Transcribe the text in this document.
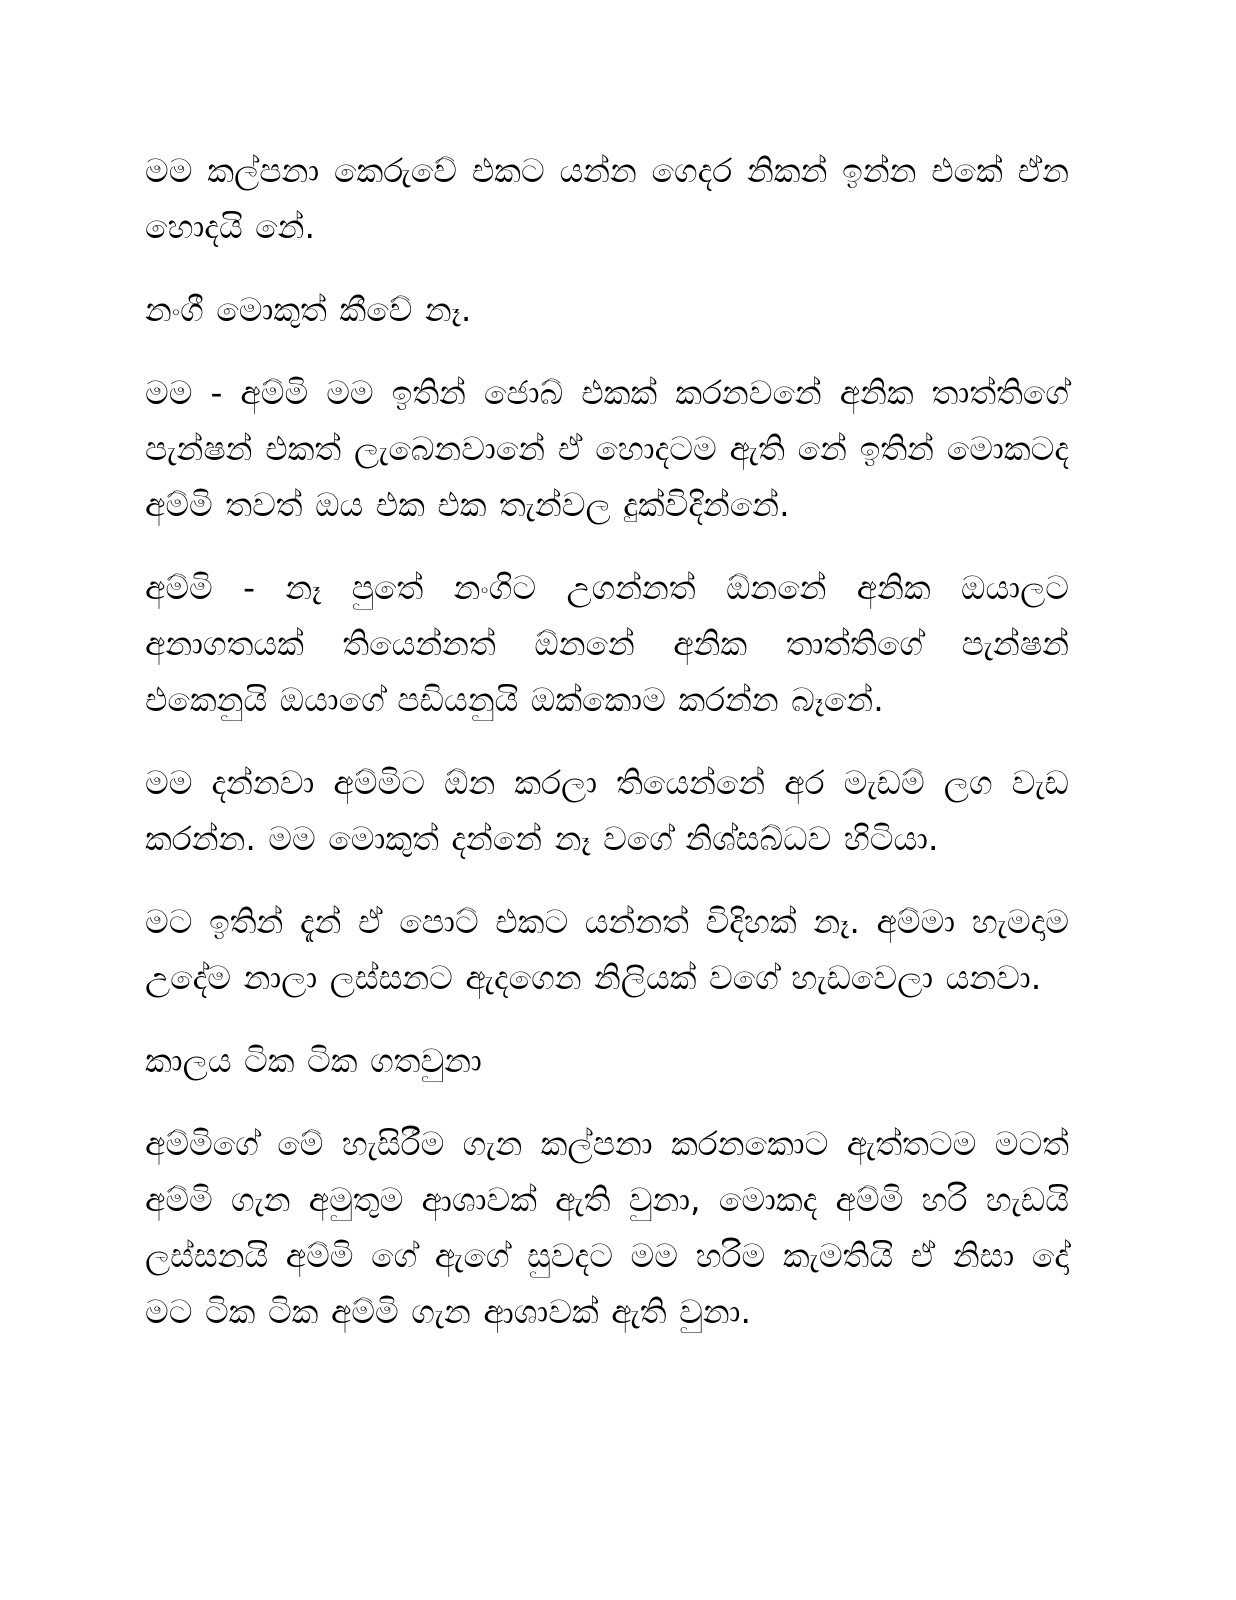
මම කල්පනා කෙරුවේ එකට යන්න ගෙදර නිකන් ඉන්න එකේ ඒන හොදයි නේ.

නංගී මොකුත් කීවේ නෑ.

මම - අම්මි මම ඉතින් ජොබ් එකක් කරනවනේ අනික තාත්තිගේ පැන්ෂන් එකත් ලැබෙනවානේ ඒ හොදටම ඇති නේ ඉතින් මොකටද අම්මි තවත් ඔය එක එක තැන්වල දුක්විදින්නේ.

අම්මි - නෑ පුතේ නංගිට උගන්නත් ඕනනේ අනික ඔයාලට අනාගතයක් තියෙන්නත් ඕනනේ අනික තාත්තිගේ පැන්ෂන් එකෙනුයි ඔයාගේ පඩියනුයි ඔක්කොම කරන්න බෑනේ.

මම දන්නවා අම්මිට ඕන කරලා තියෙන්නේ අර මැඩම් ලග වැඩ කරන්න. මම මොකුත් දන්නේ නෑ වගේ නිශ්සබ්ධව හිටියා.

මට ඉතින් දැන් ඒ පොට් එකට යන්නත් විදිහක් නෑ. අම්මා හැමදාම උදේම නාලා ලස්සනට ඇදගෙන නිලියක් වගේ හැඩවෙලා යනවා.

කාලය ටික ටික ගතවුනා

අම්මිගේ මේ හැසිරීම ගැන කල්පනා කරනකොට ඇත්තටම මටත් අම්මි ගැන අමුතුම ආශාවක් ඇති වුනා, මොකද අම්මි හරි හැඩයි ලස්සනයි අම්මි ගේ ඇගේ සුවදට මම හරිම කැමතියි ඒ නිසා දෝ මට ටික ටික අම්මි ගැන ආශාවක් ඇති වුනා.
